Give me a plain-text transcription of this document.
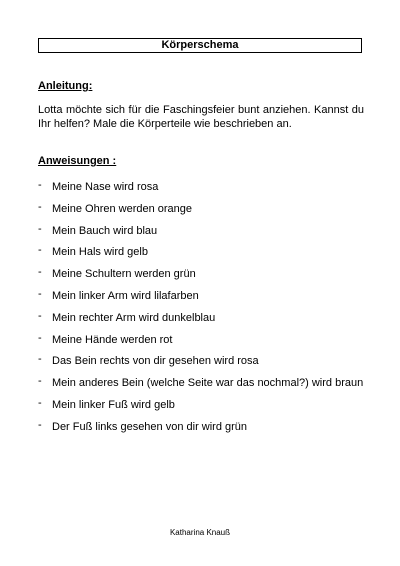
Körperschema
Anleitung:
Lotta möchte sich für die Faschingsfeier bunt anziehen. Kannst du Ihr helfen? Male die Körperteile wie beschrieben an.
Anweisungen :
- Meine Nase wird rosa
- Meine Ohren werden orange
- Mein Bauch wird blau
- Mein Hals wird gelb
- Meine Schultern werden grün
- Mein linker Arm wird lilafarben
- Mein rechter Arm wird dunkelblau
- Meine Hände werden rot
- Das Bein rechts von dir gesehen wird rosa
- Mein anderes Bein (welche Seite war das nochmal?) wird braun
- Mein linker Fuß wird gelb
- Der Fuß links gesehen von dir wird grün
Katharina Knauß
